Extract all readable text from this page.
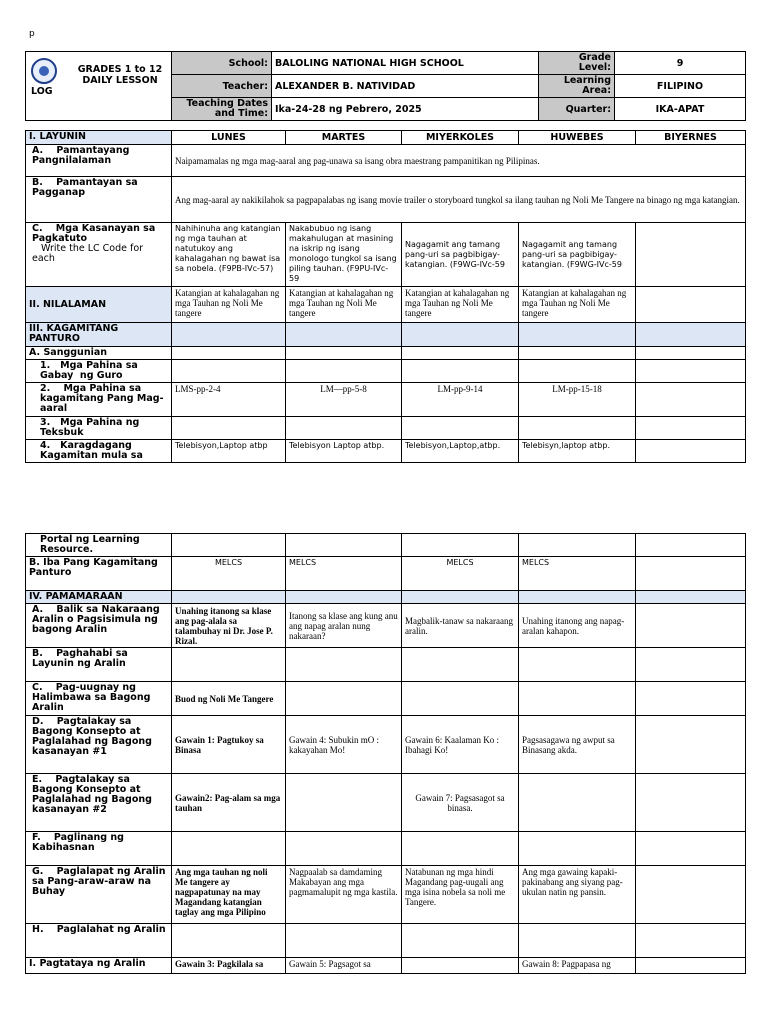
p
GRADES 1 to 12
DAILY LESSON
LOG	School:	BALOLING NATIONAL HIGH SCHOOL	Grade
Level:	9
	Teacher:	ALEXANDER B. NATIVIDAD	Learning
Area:	FILIPINO
	Teaching Dates
and Time:	Ika-24-28 ng Pebrero, 2025	Quarter:	IKA-APAT
I. LAYUNIN	LUNES	MARTES	MIYERKOLES	HUWEBES	BIYERNES
A.    Pamantayang Pangnilalaman	Naipamamalas ng mga mag-aaral ang pag-unawa sa isang obra maestrang pampanitikan ng Pilipinas.				
B.    Pamantayan sa Pagganap	Ang mag-aaral ay nakikilahok sa pagpapalabas ng isang movie trailer o storyboard tungkol sa ilang tauhan ng Noli Me Tangere na binago ng mga katangian.				
C.    Mga Kasanayan sa Pagkatuto
Write the LC Code for each	Nahihinuha ang katangian ng mga tauhan at natutukoy ang kahalagahan ng bawat isa sa nobela. (F9PB-IVc-57)	Nakabubuo ng isang makahulugan at masining na iskrip ng isang monologo tungkol sa isang piling tauhan. (F9PU-IVc-59	Nagagamit ang tamang pang-uri sa pagbibigay-katangian. (F9WG-IVc-59	Nagagamit ang tamang pang-uri sa pagbibigay-katangian. (F9WG-IVc-59	
II. NILALAMAN	Katangian at kahalagahan ng mga Tauhan ng Noli Me tangere	Katangian at kahalagahan ng mga Tauhan ng Noli Me tangere	Katangian at kahalagahan ng mga Tauhan ng Noli Me tangere	Katangian at kahalagahan ng mga Tauhan ng Noli Me tangere	
III. KAGAMITANG PANTURO					
A. Sanggunian					
1.   Mga Pahina sa Gabay  ng Guro					
2.    Mga Pahina sa kagamitang Pang Mag-aaral	LMS-pp-2-4	LM—pp-5-8	LM-pp-9-14	LM-pp-15-18	
3.   Mga Pahina ng Teksbuk					
4.   Karagdagang Kagamitan mula sa	Telebisyon,Laptop atbp	Telebisyon Laptop atbp.	Telebisyon,Laptop,atbp.	Telebisyn,laptop atbp.	
Portal ng Learning Resource.					
B. Iba Pang Kagamitang Panturo	MELCS	MELCS	MELCS	MELCS	
IV. PAMAMARAAN					
A.    Balik sa Nakaraang Aralin o Pagsisimula ng bagong Aralin	Unahing itanong sa klase ang pag-alala sa talambuhay ni Dr. Jose P. Rizal.	Itanong sa klase ang kung anu ang napag aralan nung nakaraan?	Magbalik-tanaw sa nakaraang aralin.	Unahing itanong ang napag-aralan kahapon.	
B.    Paghahabi sa Layunin ng Aralin					
C.    Pag-uugnay ng Halimbawa sa Bagong Aralin	Buod ng Noli Me Tangere				
D.    Pagtalakay sa Bagong Konsepto at Paglalahad ng Bagong kasanayan #1	Gawain 1: Pagtukoy sa Binasa	Gawain 4: Subukin mO : kakayahan Mo!	Gawain 6: Kaalaman Ko : Ibahagi Ko!	Pagsasagawa ng awput sa Binasang akda.	
E.    Pagtalakay sa Bagong Konsepto at Paglalahad ng Bagong kasanayan #2	Gawain2: Pag-alam sa mga tauhan		Gawain 7: Pagsasagot sa binasa.		
F.    Paglinang ng Kabihasnan					
G.    Paglalapat ng Aralin sa Pang-araw-araw na Buhay	Ang mga tauhan ng noli Me tangere ay nagpapatunay na may Magandang katangian taglay ang mga Pilipino	Nagpaalab sa damdaming Makabayan ang mga pagmamalupit ng mga kastila.	Natabunan ng mga hindi Magandang pag-uugali ang mga isina nobela sa noli me Tangere.	Ang mga gawaing kapaki-pakinabang ang siyang pag-ukulan natin ng pansin.	
H.    Paglalahat ng Aralin					
I. Pagtataya ng Aralin	Gawain 3: Pagkilala sa	Gawain 5: Pagsagot sa		Gawain 8: Pagpapasa ng	
